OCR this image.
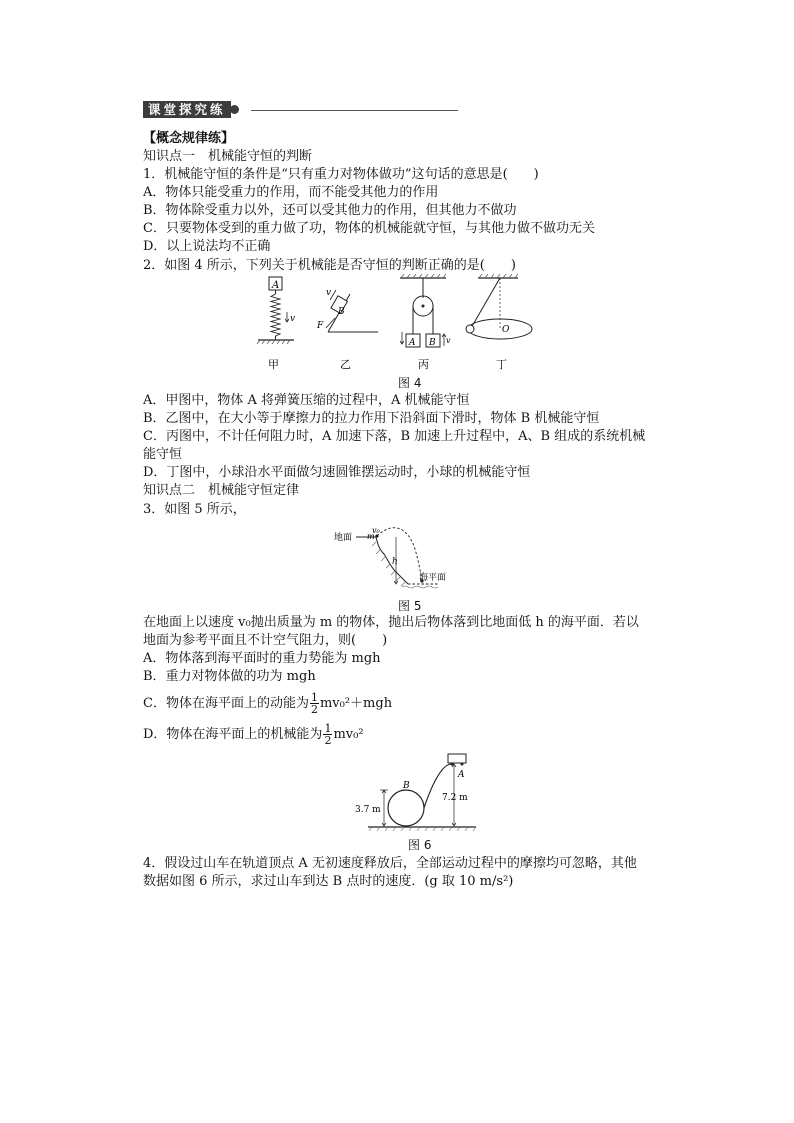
课堂探究练
【概念规律练】
知识点一　机械能守恒的判断
1．机械能守恒的条件是“只有重力对物体做功”这句话的意思是(　　)
A．物体只能受重力的作用，而不能受其他力的作用
B．物体除受重力以外，还可以受其他力的作用，但其他力不做功
C．只要物体受到的重力做了功，物体的机械能就守恒，与其他力做不做功无关
D．以上说法均不正确
2．如图 4 所示，下列关于机械能是否守恒的判断正确的是(　　)
A
v
甲
B
v
F
乙
A B v
丙
O
丁
图 4
A．甲图中，物体 A 将弹簧压缩的过程中，A 机械能守恒
B．乙图中，在大小等于摩擦力的拉力作用下沿斜面下滑时，物体 B 机械能守恒
C．丙图中，不计任何阻力时，A 加速下落，B 加速上升过程中，A、B 组成的系统机械
能守恒
D．丁图中，小球沿水平面做匀速圆锥摆运动时，小球的机械能守恒
知识点二　机械能守恒定律
3．如图 5 所示，
地面 m
v₀
h
海平面
图 5
在地面上以速度 v₀抛出质量为 m 的物体，抛出后物体落到比地面低 h 的海平面．若以
地面为参考平面且不计空气阻力，则(　　)
A．物体落到海平面时的重力势能为 mgh
B．重力对物体做的功为 mgh
C．物体在海平面上的动能为 $\frac{1}{2} mv_0^2+mgh$
D．物体在海平面上的机械能为 $\frac{1}{2} mv_0^2$
A
B
3.7 m
7.2 m
图 6
4．假设过山车在轨道顶点 A 无初速度释放后，全部运动过程中的摩擦均可忽略，其他
数据如图 6 所示，求过山车到达 B 点时的速度．(g 取 10 m/s²)
